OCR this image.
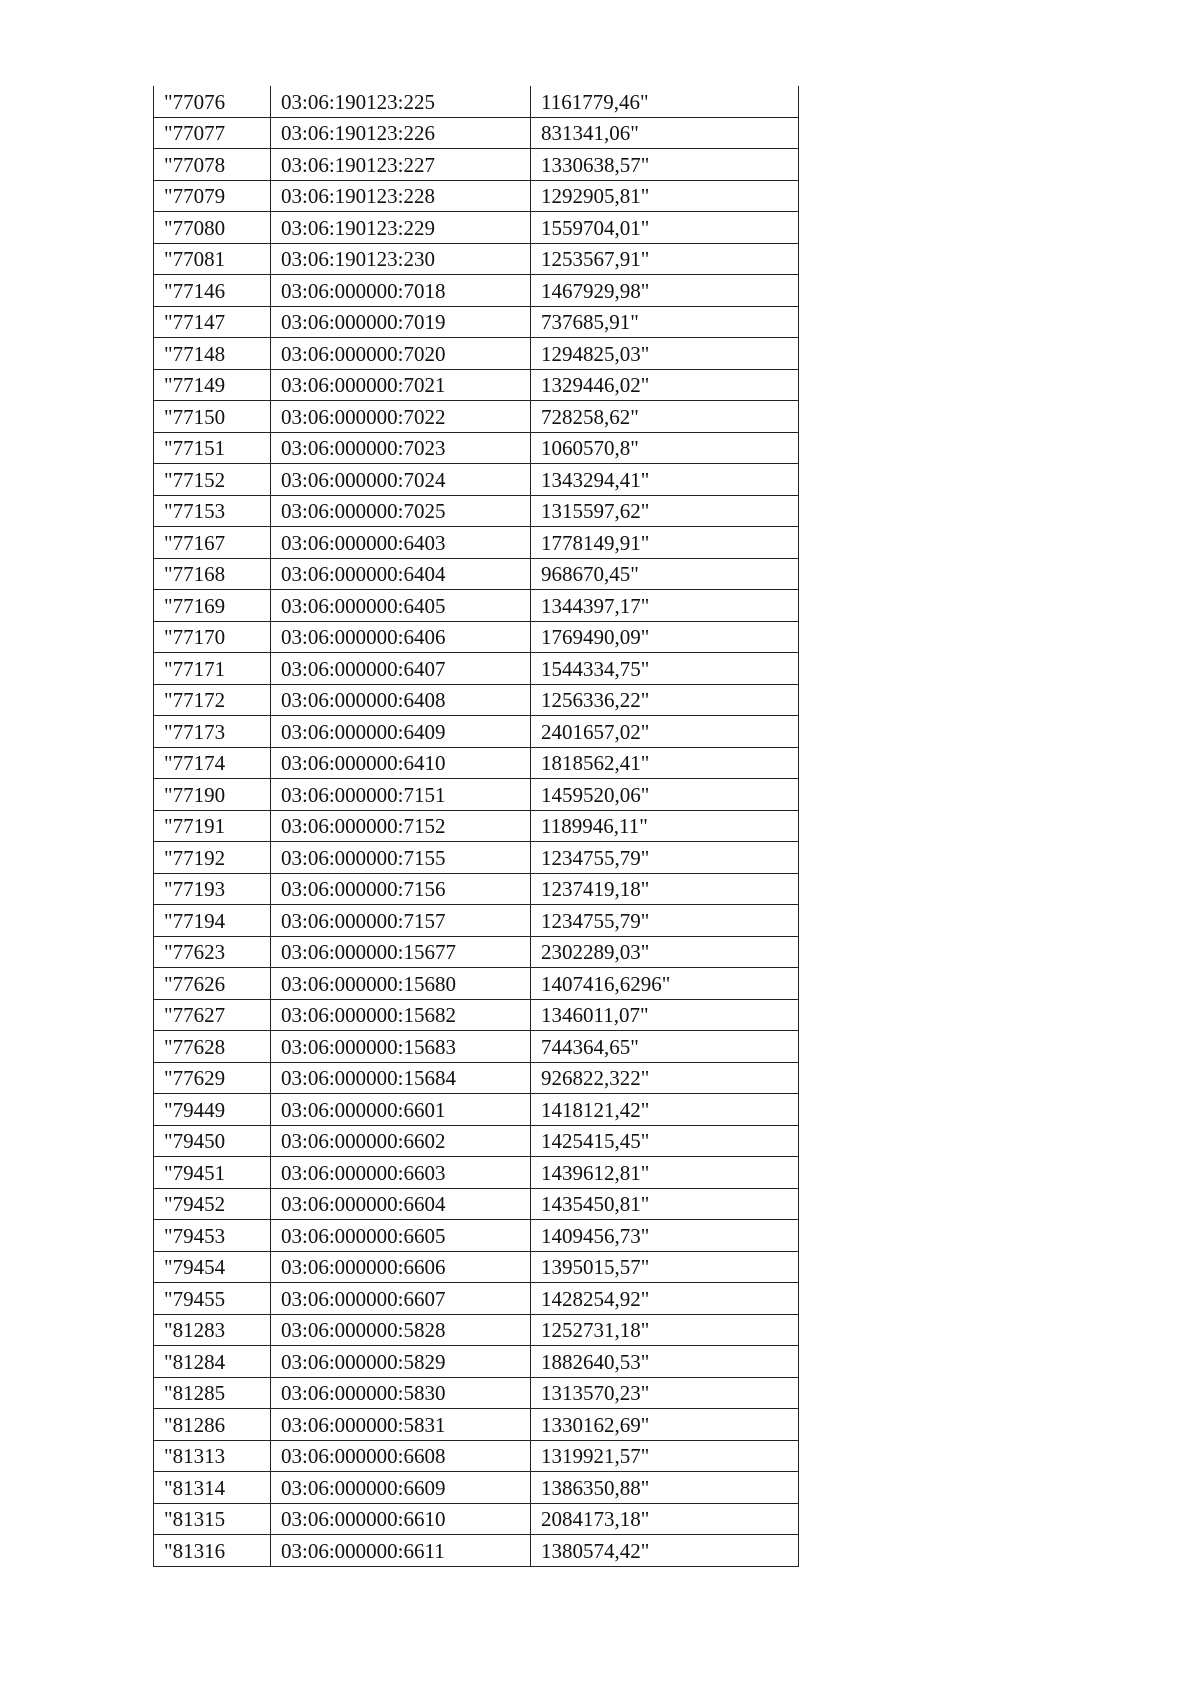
"77076	03:06:190123:225	1161779,46"
"77077	03:06:190123:226	831341,06"
"77078	03:06:190123:227	1330638,57"
"77079	03:06:190123:228	1292905,81"
"77080	03:06:190123:229	1559704,01"
"77081	03:06:190123:230	1253567,91"
"77146	03:06:000000:7018	1467929,98"
"77147	03:06:000000:7019	737685,91"
"77148	03:06:000000:7020	1294825,03"
"77149	03:06:000000:7021	1329446,02"
"77150	03:06:000000:7022	728258,62"
"77151	03:06:000000:7023	1060570,8"
"77152	03:06:000000:7024	1343294,41"
"77153	03:06:000000:7025	1315597,62"
"77167	03:06:000000:6403	1778149,91"
"77168	03:06:000000:6404	968670,45"
"77169	03:06:000000:6405	1344397,17"
"77170	03:06:000000:6406	1769490,09"
"77171	03:06:000000:6407	1544334,75"
"77172	03:06:000000:6408	1256336,22"
"77173	03:06:000000:6409	2401657,02"
"77174	03:06:000000:6410	1818562,41"
"77190	03:06:000000:7151	1459520,06"
"77191	03:06:000000:7152	1189946,11"
"77192	03:06:000000:7155	1234755,79"
"77193	03:06:000000:7156	1237419,18"
"77194	03:06:000000:7157	1234755,79"
"77623	03:06:000000:15677	2302289,03"
"77626	03:06:000000:15680	1407416,6296"
"77627	03:06:000000:15682	1346011,07"
"77628	03:06:000000:15683	744364,65"
"77629	03:06:000000:15684	926822,322"
"79449	03:06:000000:6601	1418121,42"
"79450	03:06:000000:6602	1425415,45"
"79451	03:06:000000:6603	1439612,81"
"79452	03:06:000000:6604	1435450,81"
"79453	03:06:000000:6605	1409456,73"
"79454	03:06:000000:6606	1395015,57"
"79455	03:06:000000:6607	1428254,92"
"81283	03:06:000000:5828	1252731,18"
"81284	03:06:000000:5829	1882640,53"
"81285	03:06:000000:5830	1313570,23"
"81286	03:06:000000:5831	1330162,69"
"81313	03:06:000000:6608	1319921,57"
"81314	03:06:000000:6609	1386350,88"
"81315	03:06:000000:6610	2084173,18"
"81316	03:06:000000:6611	1380574,42"
